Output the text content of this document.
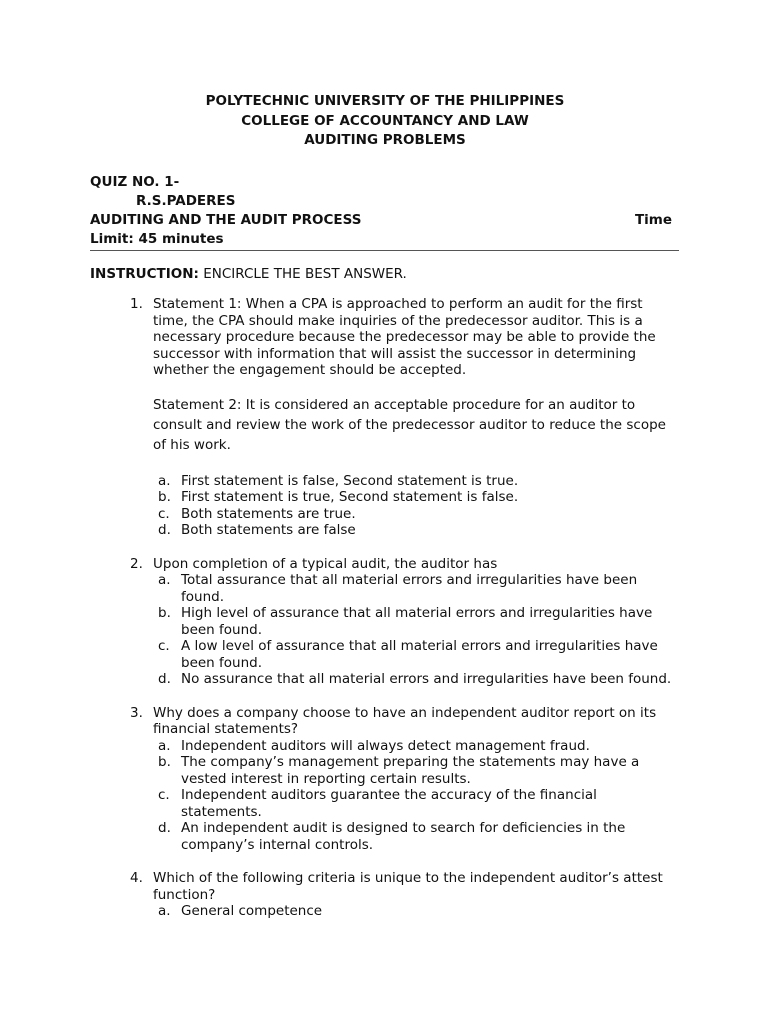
POLYTECHNIC UNIVERSITY OF THE PHILIPPINES
COLLEGE OF ACCOUNTANCY AND LAW
AUDITING PROBLEMS
QUIZ NO. 1-
R.S.PADERES
AUDITING AND THE AUDIT PROCESS	Time
Limit: 45 minutes
INSTRUCTION: ENCIRCLE THE BEST ANSWER.
1. Statement 1: When a CPA is approached to perform an audit for the first time, the CPA should make inquiries of the predecessor auditor. This is a necessary procedure because the predecessor may be able to provide the successor with information that will assist the successor in determining whether the engagement should be accepted.
Statement 2: It is considered an acceptable procedure for an auditor to consult and review the work of the predecessor auditor to reduce the scope of his work.
a. First statement is false, Second statement is true.
b. First statement is true, Second statement is false.
c. Both statements are true.
d. Both statements are false
2. Upon completion of a typical audit, the auditor has
a. Total assurance that all material errors and irregularities have been found.
b. High level of assurance that all material errors and irregularities have been found.
c. A low level of assurance that all material errors and irregularities have been found.
d. No assurance that all material errors and irregularities have been found.
3. Why does a company choose to have an independent auditor report on its financial statements?
a. Independent auditors will always detect management fraud.
b. The company’s management preparing the statements may have a vested interest in reporting certain results.
c. Independent auditors guarantee the accuracy of the financial statements.
d. An independent audit is designed to search for deficiencies in the company’s internal controls.
4. Which of the following criteria is unique to the independent auditor’s attest function?
a. General competence
